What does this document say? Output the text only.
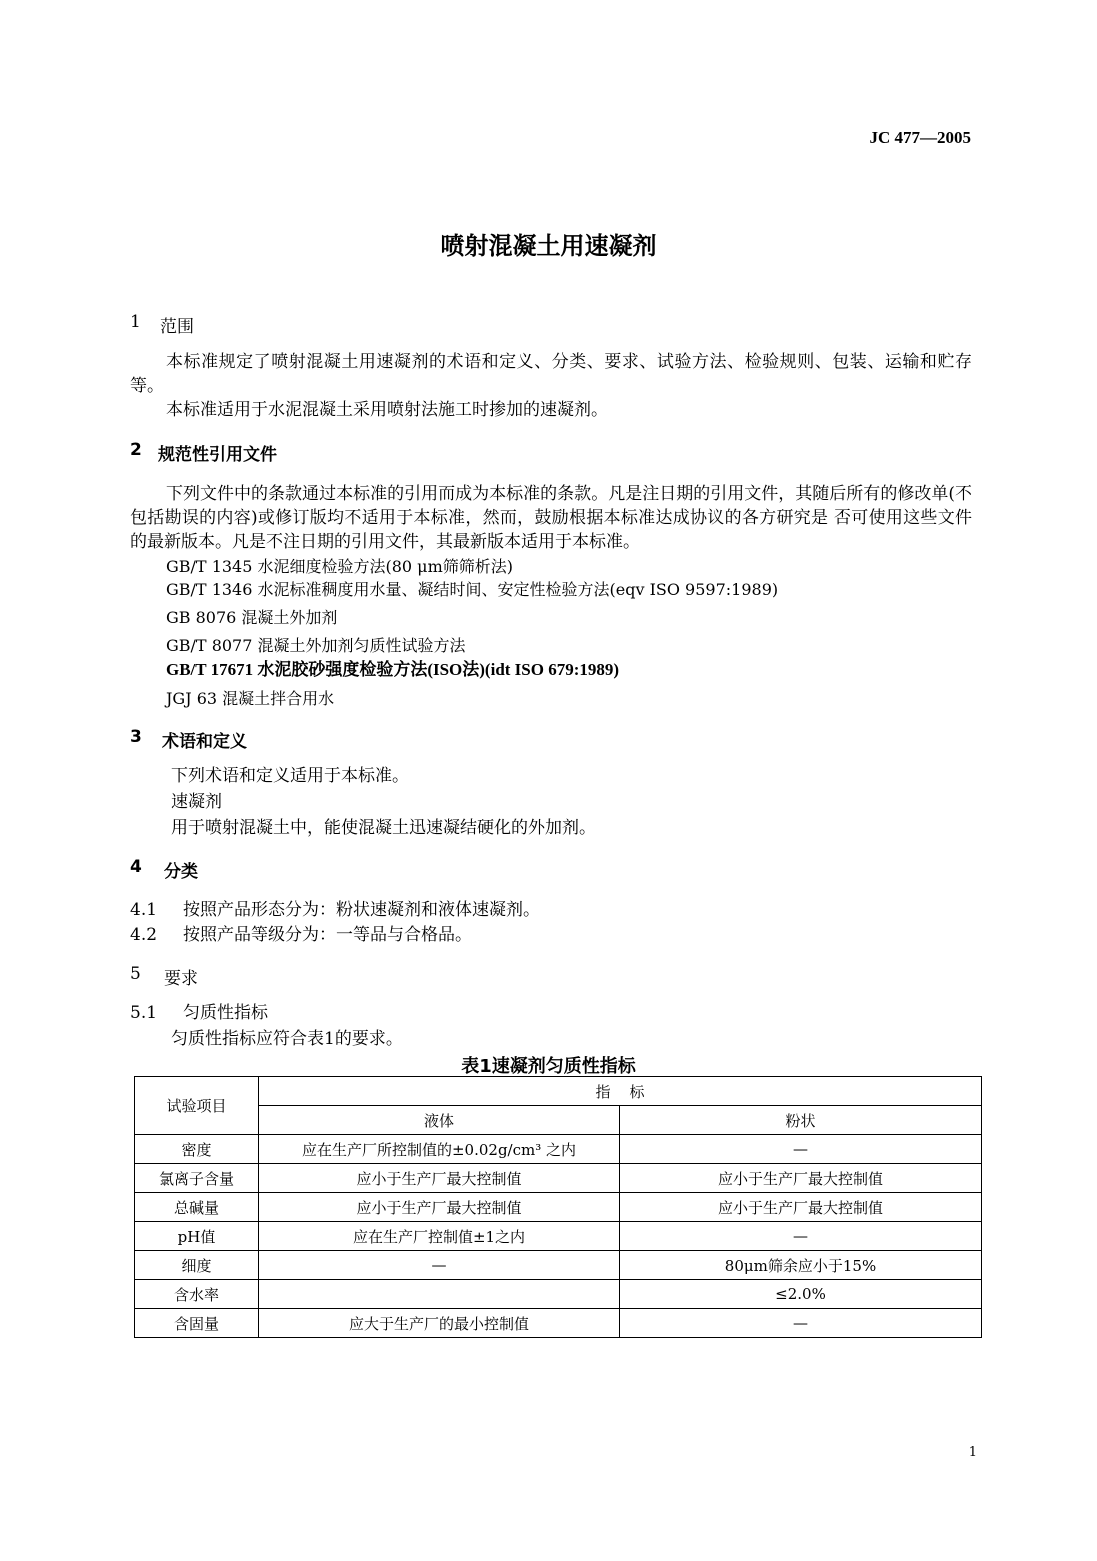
JC 477—2005
喷射混凝土用速凝剂
1 范围

本标准规定了喷射混凝土用速凝剂的术语和定义、分类、要求、试验方法、检验规则、包装、运输和贮存等。

本标准适用于水泥混凝土采用喷射法施工时掺加的速凝剂。

2 规范性引用文件

下列文件中的条款通过本标准的引用而成为本标准的条款。凡是注日期的引用文件，其随后所有的修改单(不包括勘误的内容)或修订版均不适用于本标准，然而，鼓励根据本标准达成协议的各方研究是 否可使用这些文件的最新版本。凡是不注日期的引用文件，其最新版本适用于本标准。

GB/T 1345 水泥细度检验方法(80 μm筛筛析法)
GB/T 1346 水泥标准稠度用水量、凝结时间、安定性检验方法(eqv ISO 9597:1989)
GB 8076 混凝土外加剂
GB/T 8077 混凝土外加剂匀质性试验方法
GB/T 17671 水泥胶砂强度检验方法(ISO法)(idt ISO 679:1989)
JGJ 63 混凝土拌合用水
3 术语和定义
下列术语和定义适用于本标准。
速凝剂
用于喷射混凝土中，能使混凝土迅速凝结硬化的外加剂。
4 分类
4.1 按照产品形态分为：粉状速凝剂和液体速凝剂。
4.2 按照产品等级分为：一等品与合格品。
5 要求
5.1 匀质性指标
匀质性指标应符合表1的要求。
表1速凝剂匀质性指标
试验项目	指    标	
	液体	粉状
密度	应在生产厂所控制值的±0.02g/cm³ 之内	—
氯离子含量	应小于生产厂最大控制值	应小于生产厂最大控制值
总碱量	应小于生产厂最大控制值	应小于生产厂最大控制值
pH值	应在生产厂控制值±1之内	—
细度	—	80μm筛余应小于15%
含水率		≤2.0%
含固量	应大于生产厂的最小控制值	—
1
